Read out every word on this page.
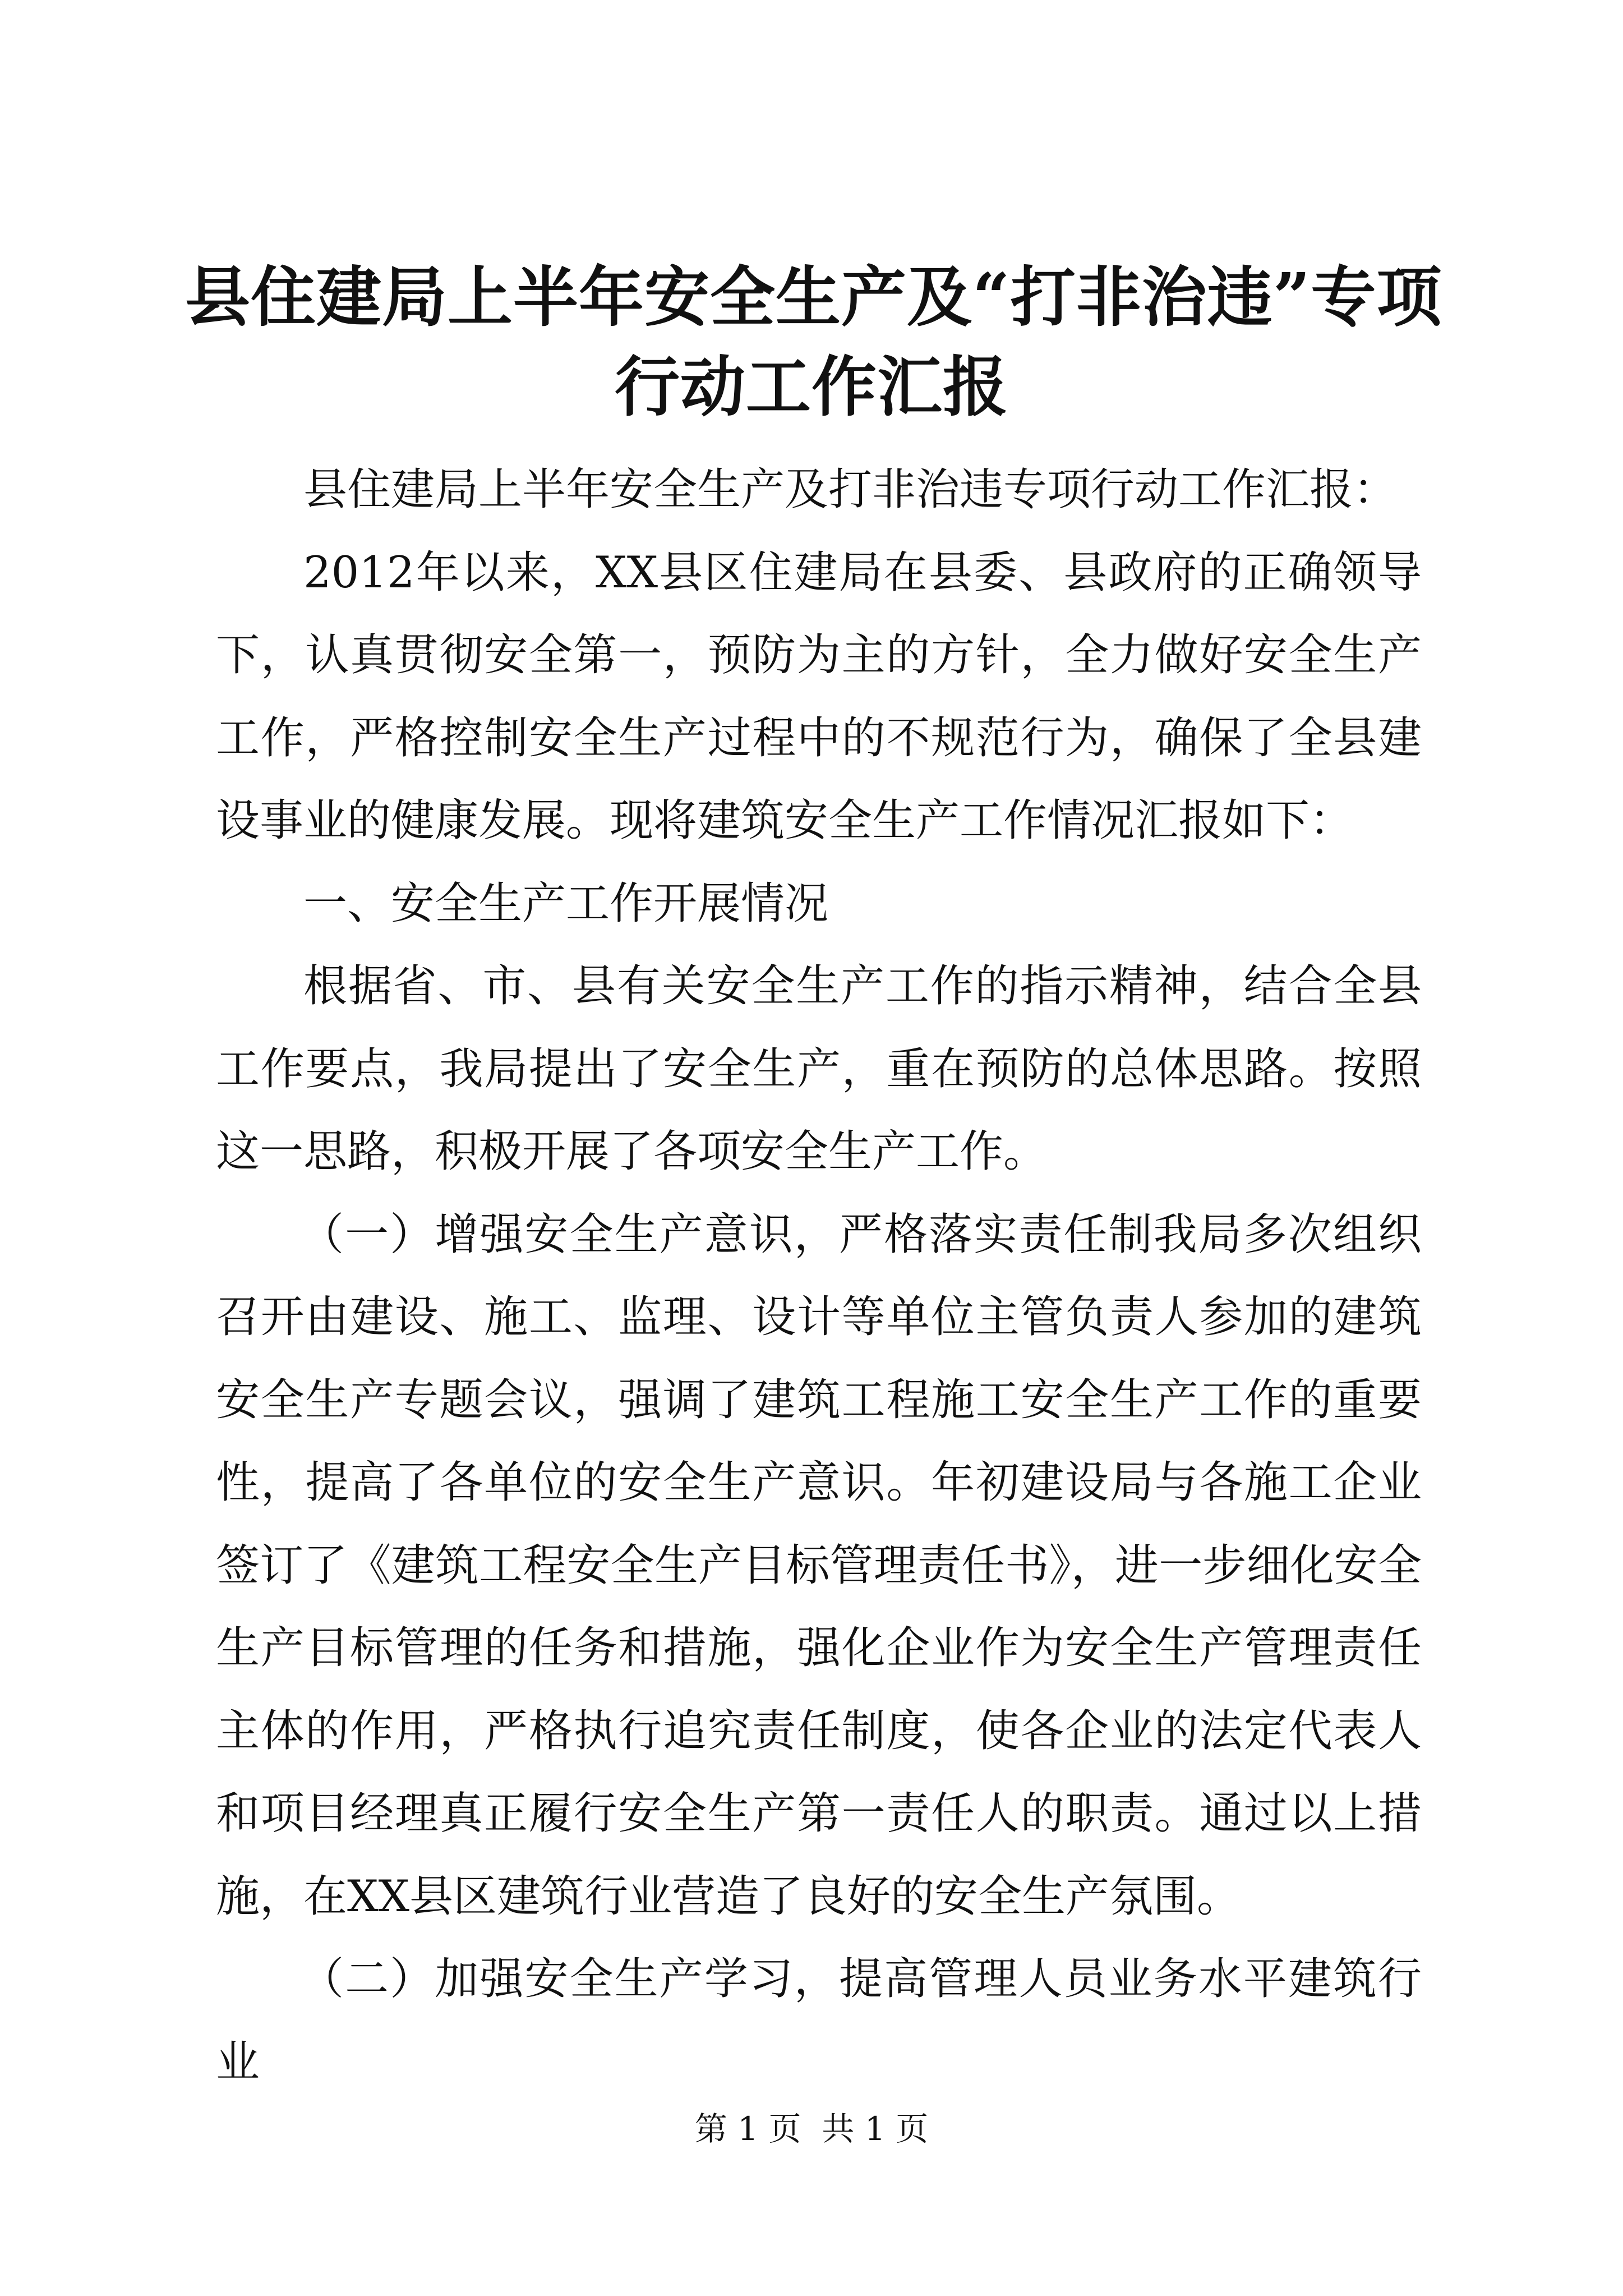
县住建局上半年安全生产及“打非治违”专项
行动工作汇报

县住建局上半年安全生产及打非治违专项行动工作汇报：

2012年以来，XX县区住建局在县委、县政府的正确领导下，认真贯彻安全第一，预防为主的方针，全力做好安全生产工作，严格控制安全生产过程中的不规范行为，确保了全县建设事业的健康发展。现将建筑安全生产工作情况汇报如下：

一、安全生产工作开展情况

根据省、市、县有关安全生产工作的指示精神，结合全县工作要点，我局提出了安全生产，重在预防的总体思路。按照这一思路，积极开展了各项安全生产工作。

（一）增强安全生产意识，严格落实责任制我局多次组织召开由建设、施工、监理、设计等单位主管负责人参加的建筑安全生产专题会议，强调了建筑工程施工安全生产工作的重要性，提高了各单位的安全生产意识。年初建设局与各施工企业签订了《建筑工程安全生产目标管理责任书》，进一步细化安全生产目标管理的任务和措施，强化企业作为安全生产管理责任主体的作用，严格执行追究责任制度，使各企业的法定代表人和项目经理真正履行安全生产第一责任人的职责。通过以上措施，在XX县区建筑行业营造了良好的安全生产氛围。

（二）加强安全生产学习，提高管理人员业务水平建筑行业

第 1 页  共 1 页
